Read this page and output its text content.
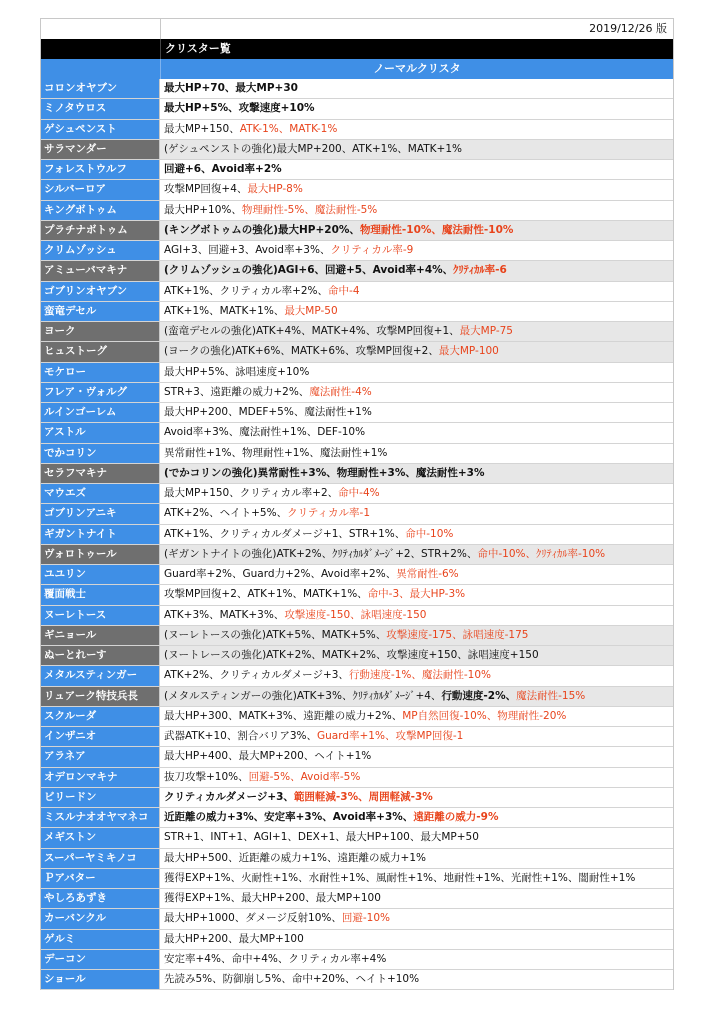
2019/12/26 版
クリスター覧
ノーマルクリスタ
コロンオヤブン	最大HP+70、最大MP+30
ミノタウロス	最大HP+5%、攻撃速度+10%
ゲシュペンスト	最大MP+150、ATK-1%、MATK-1%
サラマンダー	(ゲシュペンストの強化)最大MP+200、ATK+1%、MATK+1%
フォレストウルフ	回避+6、Avoid率+2%
シルバーロア	攻撃MP回復+4、最大HP-8%
キングボトゥム	最大HP+10%、物理耐性-5%、魔法耐性-5%
プラチナボトゥム	(キングボトゥムの強化)最大HP+20%、物理耐性-10%、魔法耐性-10%
クリムゾッシュ	AGI+3、回避+3、Avoid率+3%、クリティカル率-9
アミューバマキナ	(クリムゾッシュの強化)AGI+6、回避+5、Avoid率+4%、ｸﾘﾃｨｶﾙ率-6
ゴブリンオヤブン	ATK+1%、クリティカル率+2%、命中-4
蛮竜デセル	ATK+1%、MATK+1%、最大MP-50
ヨーク	(蛮竜デセルの強化)ATK+4%、MATK+4%、攻撃MP回復+1、最大MP-75
ヒュストーグ	(ヨークの強化)ATK+6%、MATK+6%、攻撃MP回復+2、最大MP-100
モケロー	最大HP+5%、詠唱速度+10%
フレア・ヴォルグ	STR+3、遠距離の威力+2%、魔法耐性-4%
ルインゴーレム	最大HP+200、MDEF+5%、魔法耐性+1%
アストル	Avoid率+3%、魔法耐性+1%、DEF-10%
でかコリン	異常耐性+1%、物理耐性+1%、魔法耐性+1%
セラフマキナ	(でかコリンの強化)異常耐性+3%、物理耐性+3%、魔法耐性+3%
マウエズ	最大MP+150、クリティカル率+2、命中-4%
ゴブリンアニキ	ATK+2%、ヘイト+5%、クリティカル率-1
ギガントナイト	ATK+1%、クリティカルダメージ+1、STR+1%、命中-10%
ヴォロトゥール	(ギガントナイトの強化)ATK+2%、ｸﾘﾃｨｶﾙﾀﾞﾒｰｼﾞ+2、STR+2%、命中-10%、ｸﾘﾃｨｶﾙ率-10%
ユユリン	Guard率+2%、Guard力+2%、Avoid率+2%、異常耐性-6%
覆面戦士	攻撃MP回復+2、ATK+1%、MATK+1%、命中-3、最大HP-3%
ヌーレトース	ATK+3%、MATK+3%、攻撃速度-150、詠唱速度-150
ギニョール	(ヌーレトースの強化)ATK+5%、MATK+5%、攻撃速度-175、詠唱速度-175
ぬーとれーす	(ヌートレースの強化)ATK+2%、MATK+2%、攻撃速度+150、詠唱速度+150
メタルスティンガー	ATK+2%、クリティカルダメージ+3、行動速度-1%、魔法耐性-10%
リュアーク特技兵長	(メタルスティンガーの強化)ATK+3%、ｸﾘﾃｨｶﾙﾀﾞﾒｰｼﾞ+4、行動速度-2%、魔法耐性-15%
スクルーダ	最大HP+300、MATK+3%、遠距離の威力+2%、MP自然回復-10%、物理耐性-20%
インザニオ	武器ATK+10、割合バリア3%、Guard率+1%、攻撃MP回復-1
アラネア	最大HP+400、最大MP+200、ヘイト+1%
オデロンマキナ	抜刀攻撃+10%、回避-5%、Avoid率-5%
ビリードン	クリティカルダメージ+3、範囲軽減-3%、周囲軽減-3%
ミスルナオオヤマネコ	近距離の威力+3%、安定率+3%、Avoid率+3%、遠距離の威力-9%
メギストン	STR+1、INT+1、AGI+1、DEX+1、最大HP+100、最大MP+50
スーパーヤミキノコ	最大HP+500、近距離の威力+1%、遠距離の威力+1%
Ｐアバター	獲得EXP+1%、火耐性+1%、水耐性+1%、風耐性+1%、地耐性+1%、光耐性+1%、闇耐性+1%
やしろあずき	獲得EXP+1%、最大HP+200、最大MP+100
カーバンクル	最大HP+1000、ダメージ反射10%、回避-10%
ゲルミ	最大HP+200、最大MP+100
デーコン	安定率+4%、命中+4%、クリティカル率+4%
ショール	先読み5%、防御崩し5%、命中+20%、ヘイト+10%
